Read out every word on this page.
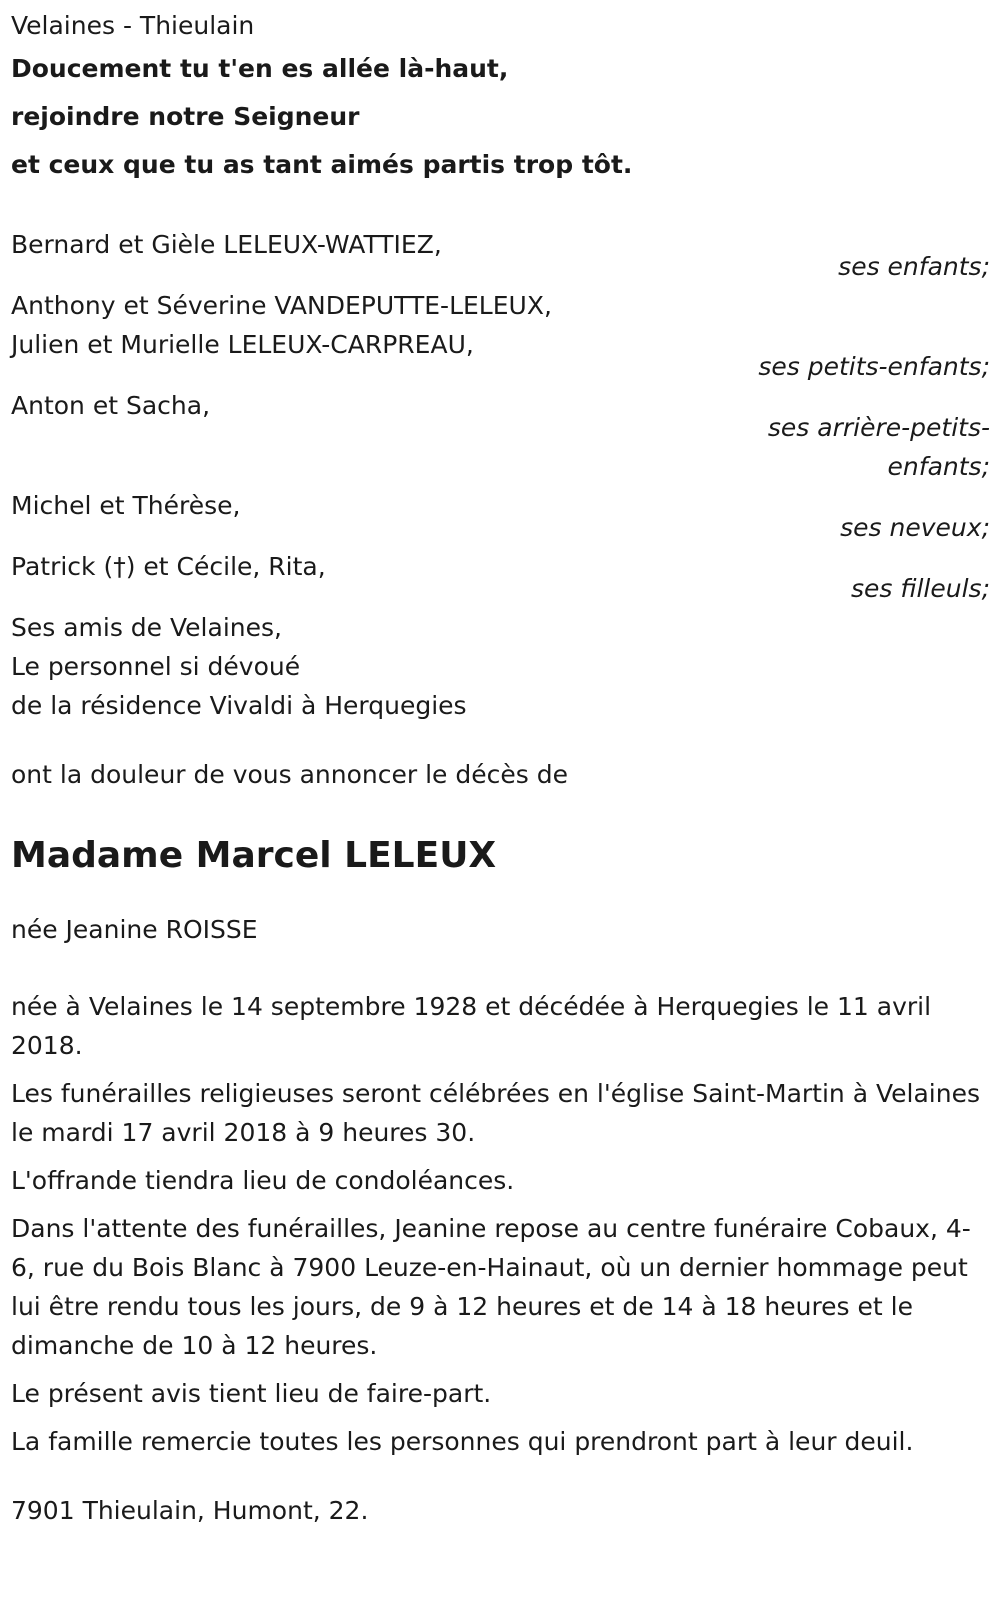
Velaines - Thieulain

Doucement tu t'en es allée là-haut,

rejoindre notre Seigneur

et ceux que tu as tant aimés partis trop tôt.

Bernard et Gièle LELEUX-WATTIEZ,

ses enfants;

Anthony et Séverine VANDEPUTTE-LELEUX,

Julien et Murielle LELEUX-CARPREAU,

ses petits-enfants;

Anton et Sacha,

ses arrière-petits-

enfants;

Michel et Thérèse,

ses neveux;

Patrick (†) et Cécile, Rita,

ses filleuls;

Ses amis de Velaines,

Le personnel si dévoué

de la résidence Vivaldi à Herquegies

ont la douleur de vous annoncer le décès de

Madame Marcel LELEUX

née Jeanine ROISSE

née à Velaines le 14 septembre 1928 et décédée à Herquegies le 11 avril 2018.

Les funérailles religieuses seront célébrées en l'église Saint-Martin à Velaines le mardi 17 avril 2018 à 9 heures 30.

L'offrande tiendra lieu de condoléances.

Dans l'attente des funérailles, Jeanine repose au centre funéraire Cobaux, 4-6, rue du Bois Blanc à 7900 Leuze-en-Hainaut, où un dernier hommage peut lui être rendu tous les jours, de 9 à 12 heures et de 14 à 18 heures et le dimanche de 10 à 12 heures.

Le présent avis tient lieu de faire-part.

La famille remercie toutes les personnes qui prendront part à leur deuil.

7901 Thieulain, Humont, 22.
